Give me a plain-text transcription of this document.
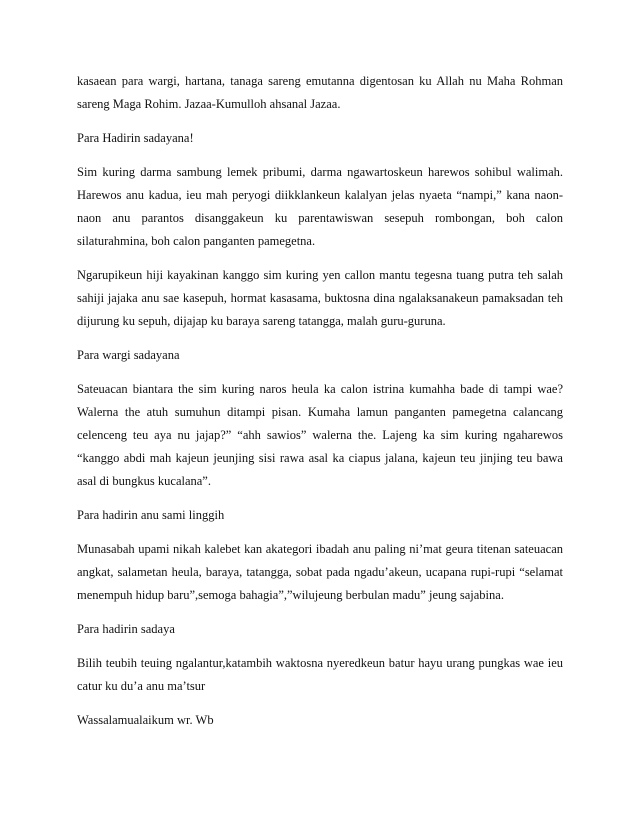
kasaean para wargi, hartana, tanaga sareng emutanna digentosan ku Allah nu Maha Rohman
sareng Maga Rohim. Jazaa-Kumulloh ahsanal Jazaa.

Para Hadirin sadayana!

Sim kuring darma sambung lemek pribumi, darma ngawartoskeun harewos sohibul walimah.
Harewos anu kadua, ieu mah peryogi diikklankeun kalalyan jelas nyaeta “nampi,” kana naon-
naon anu parantos disanggakeun ku parentawiswan sesepuh rombongan, boh calon
silaturahmina, boh calon panganten pamegetna.

Ngarupikeun hiji kayakinan kanggo sim kuring yen callon mantu tegesna tuang putra teh salah
sahiji jajaka anu sae kasepuh, hormat kasasama, buktosna dina ngalaksanakeun pamaksadan teh
dijurung ku sepuh, dijajap ku baraya sareng tatangga, malah guru-guruna.

Para wargi sadayana

Sateuacan biantara the sim kuring naros heula ka calon istrina kumahha bade di tampi wae?
Walerna the atuh sumuhun ditampi pisan. Kumaha lamun panganten pamegetna calancang
celenceng teu aya nu jajap?” “ahh sawios” walerna the. Lajeng ka sim kuring ngaharewos
“kanggo abdi mah kajeun jeunjing sisi rawa asal ka ciapus jalana, kajeun teu jinjing teu bawa
asal di bungkus kucalana”.

Para hadirin anu sami linggih

Munasabah upami nikah kalebet kan akategori ibadah anu paling ni’mat geura titenan sateuacan
angkat, salametan heula, baraya, tatangga, sobat pada ngadu’akeun, ucapana rupi-rupi “selamat
menempuh hidup baru”,semoga bahagia”,”wilujeung berbulan madu” jeung sajabina.

Para hadirin sadaya

Bilih teubih teuing ngalantur,katambih waktosna nyeredkeun batur hayu urang pungkas wae ieu
catur ku du’a anu ma’tsur

Wassalamualaikum wr. Wb
